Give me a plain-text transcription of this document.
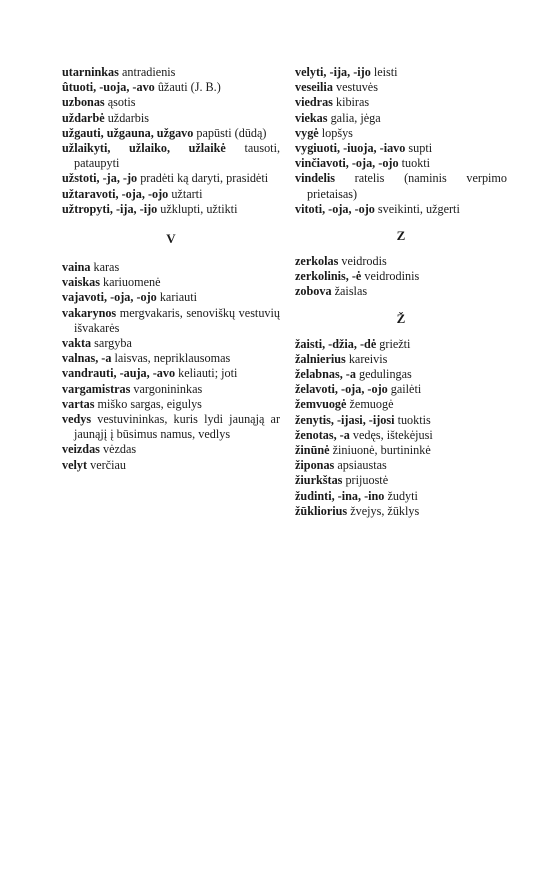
utarninkas antradienis
ûtuoti, -uoja, -avo ûžauti (J. B.)
uzbonas ąsotis
uždarbė uždarbis
užgauti, užgauna, užgavo papūsti (dūdą)
užlaikyti, užlaiko, užlaikė tausoti, pataupyti
užstoti, -ja, -jo pradėti ką daryti, prasidėti
užtaravoti, -oja, -ojo užtarti
užtropyti, -ija, -ijo užklupti, užtikti
V
vaina karas
vaiskas kariuomenė
vajavoti, -oja, -ojo kariauti
vakarynos mergvakaris, senoviškų vestuvių išvakarės
vakta sargyba
valnas, -a laisvas, nepriklausomas
vandrauti, -auja, -avo keliauti; joti
vargamistras vargonininkas
vartas miško sargas, eigulys
vedys vestuvininkas, kuris lydi jaunąją ar jaunąjį į būsimus namus, vedlys
veizdas vėzdas
velyt verčiau
velyti, -ija, -ijo leisti
veseilia vestuvės
viedras kibiras
viekas galia, jėga
vygė lopšys
vygiuoti, -iuoja, -iavo supti
vinčiavoti, -oja, -ojo tuokti
vindelis ratelis (naminis verpimo prietaisas)
vitoti, -oja, -ojo sveikinti, užgerti
Z
zerkolas veidrodis
zerkolinis, -ė veidrodinis
zobova žaislas
Ž
žaisti, -džia, -dė griežti
žalnierius kareivis
želabnas, -a gedulingas
želavoti, -oja, -ojo gailėti
žemvuogė žemuogė
ženytis, -ijasi, -ijosi tuoktis
ženotas, -a vedęs, ištekėjusi
žinūnė žiniuonė, burtininkė
žiponas apsiaustas
žiurkštas prijuostė
žudinti, -ina, -ino žudyti
žūkliorius žvejys, žūklys
